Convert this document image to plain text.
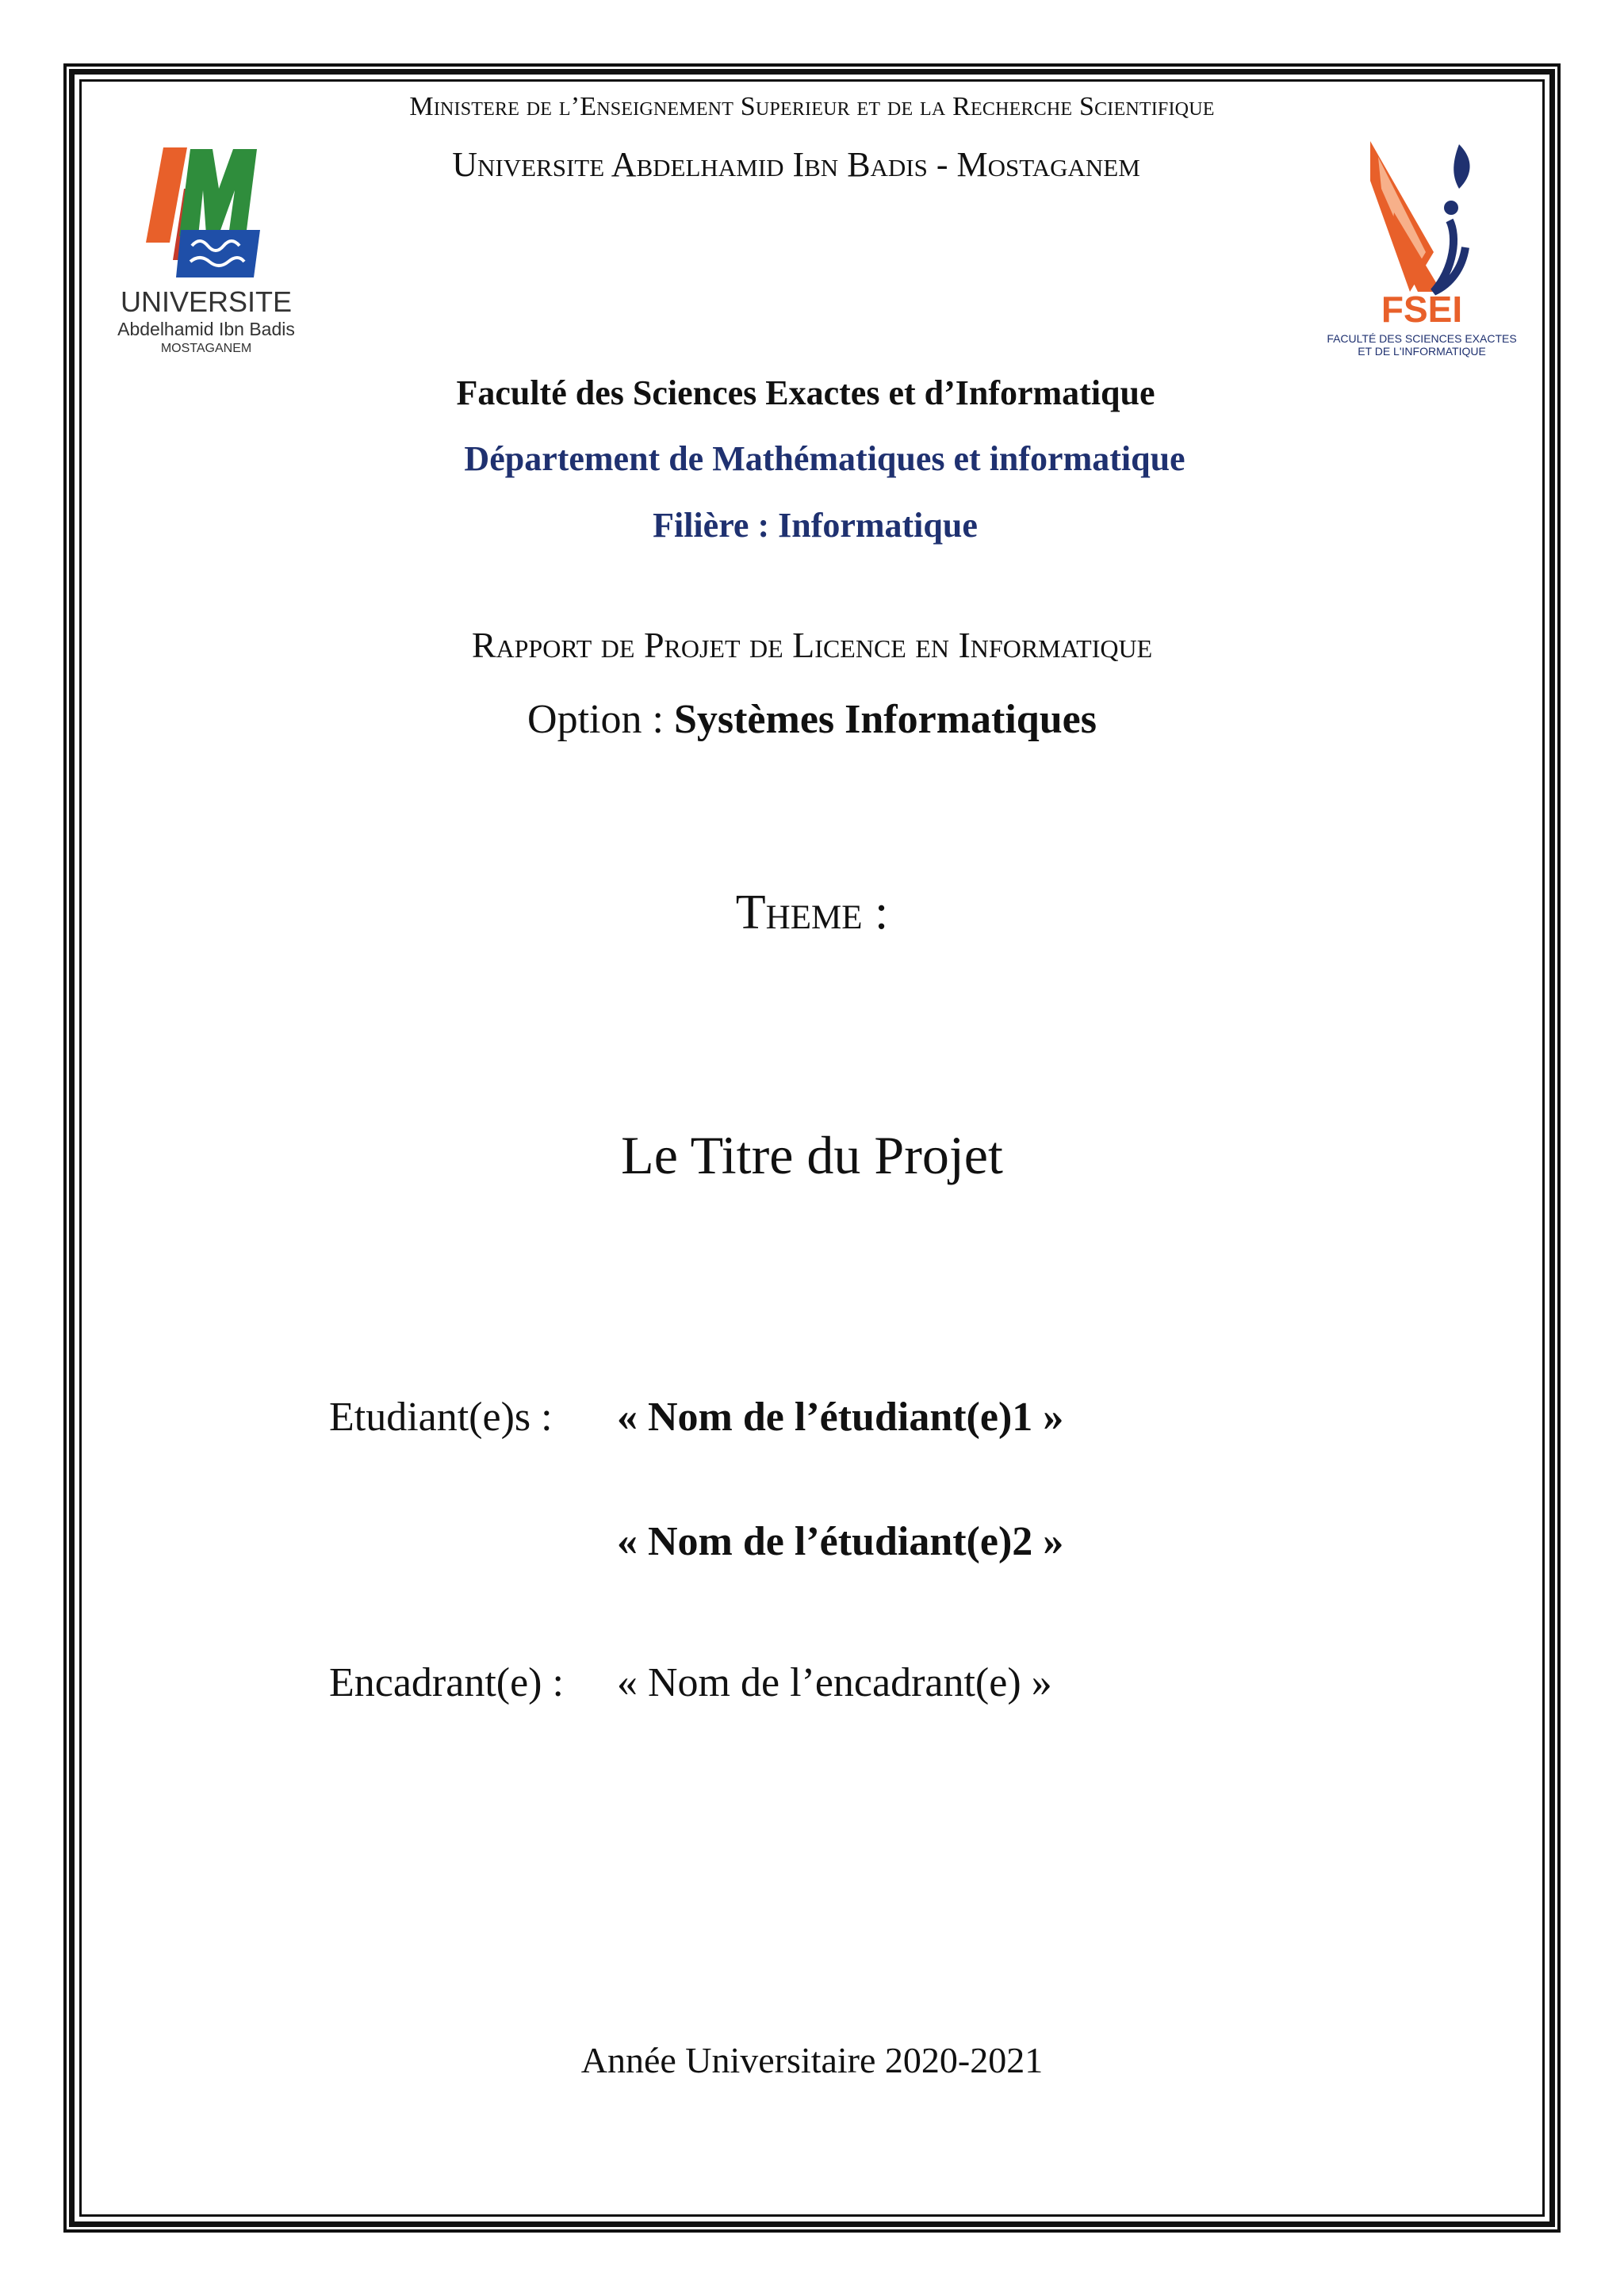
UNIVERSITE
Abdelhamid Ibn Badis
MOSTAGANEM
FSEI
FACULTÉ DES SCIENCES EXACTES
ET DE L'INFORMATIQUE
Ministere de l’Enseignement Superieur et de la Recherche Scientifique
Universite Abdelhamid Ibn Badis - Mostaganem
Faculté des Sciences Exactes et d’Informatique
Département de Mathématiques et informatique
Filière : Informatique
Rapport de Projet de Licence en Informatique
Option : Systèmes Informatiques
Theme :
Le Titre du Projet
Etudiant(e)s : « Nom de l’étudiant(e)1 »
« Nom de l’étudiant(e)2 »
Encadrant(e) : « Nom de l’encadrant(e) »
Année Universitaire 2020-2021
